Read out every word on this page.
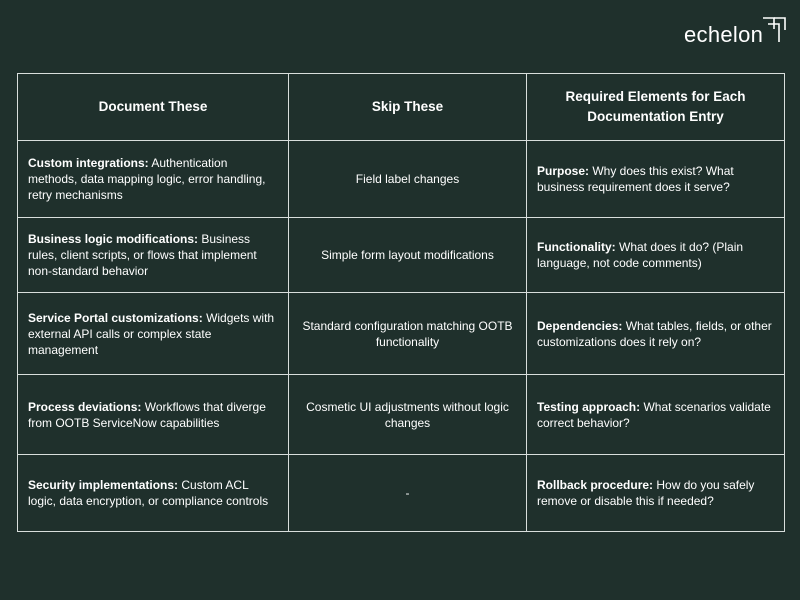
echelon
Document These	Skip These	Required Elements for Each Documentation Entry
Custom integrations: Authentication methods, data mapping logic, error handling, retry mechanisms	Field label changes	Purpose: Why does this exist? What business requirement does it serve?
Business logic modifications: Business rules, client scripts, or flows that implement non-standard behavior	Simple form layout modifications	Functionality: What does it do? (Plain language, not code comments)
Service Portal customizations: Widgets with external API calls or complex state management	Standard configuration matching OOTB functionality	Dependencies: What tables, fields, or other customizations does it rely on?
Process deviations: Workflows that diverge from OOTB ServiceNow capabilities	Cosmetic UI adjustments without logic changes	Testing approach: What scenarios validate correct behavior?
Security implementations: Custom ACL logic, data encryption, or compliance controls	-	Rollback procedure: How do you safely remove or disable this if needed?
